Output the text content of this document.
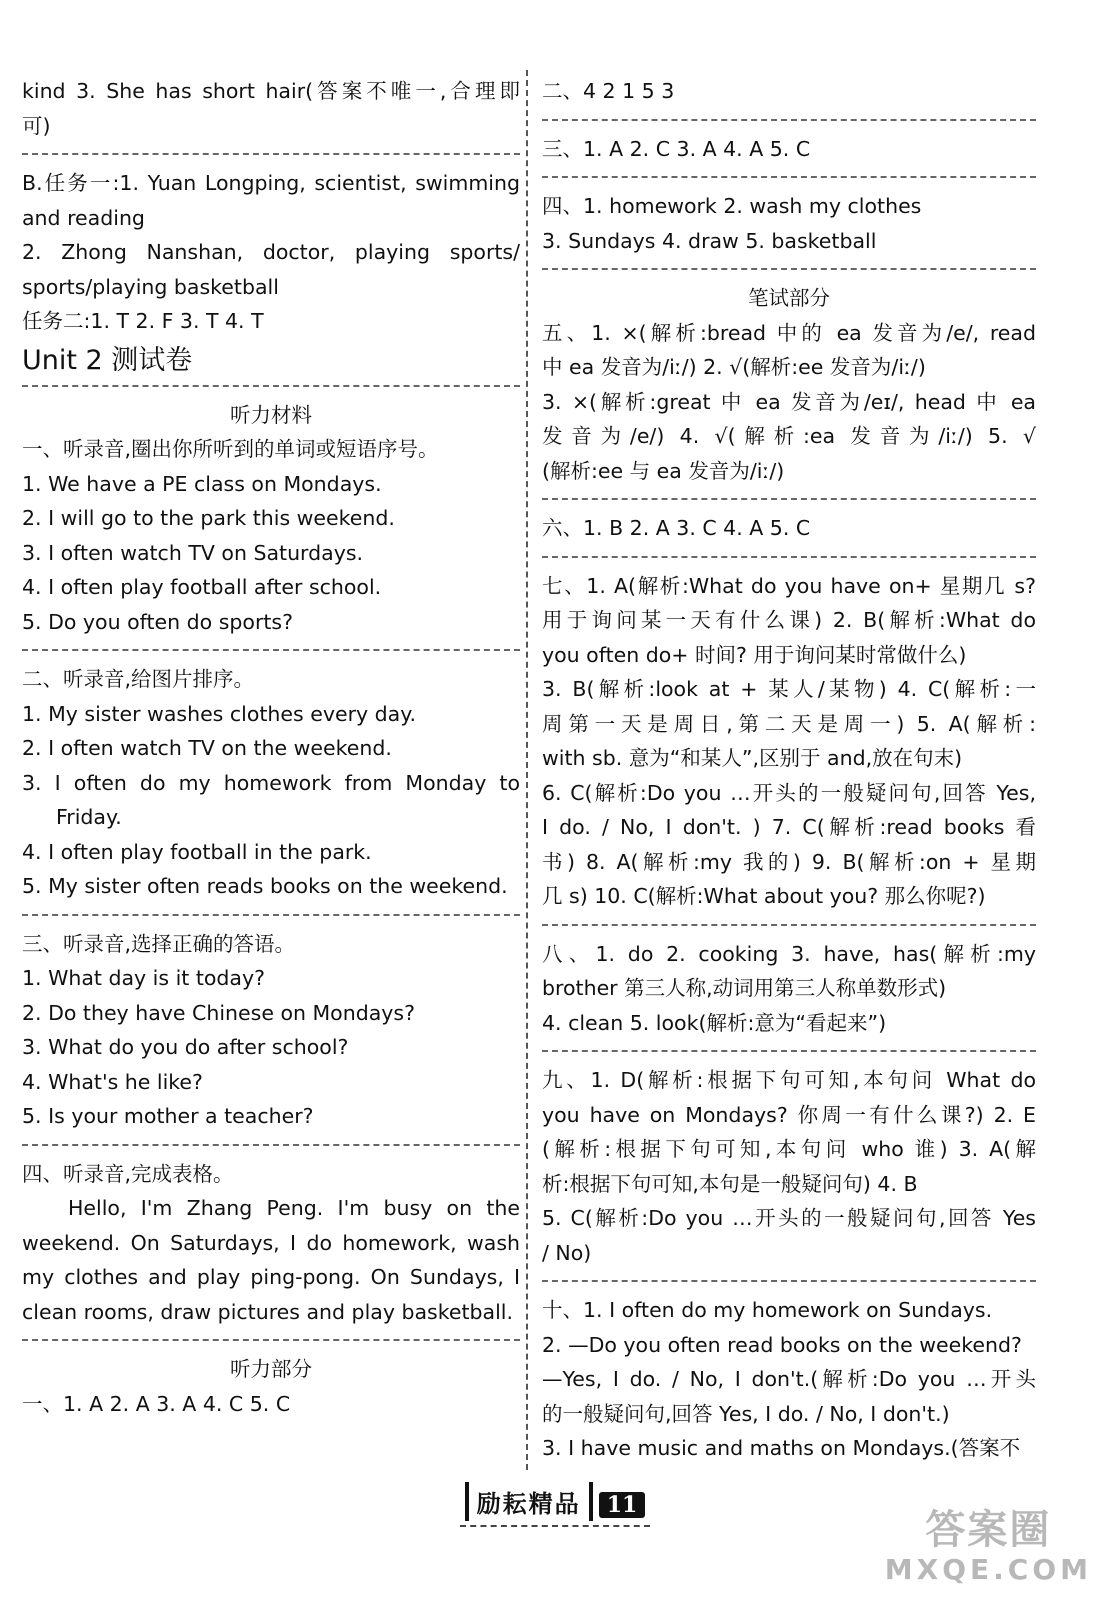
kind 3. She has short hair(答案不唯一,合理即

可)

B.任务一:1. Yuan Longping, scientist, swimming

and reading

2. Zhong Nanshan, doctor, playing sports/

sports/playing basketball

任务二:1. T 2. F 3. T 4. T

Unit 2 测试卷
听力材料

一、听录音,圈出你所听到的单词或短语序号。

1. We have a PE class on Mondays.

2. I will go to the park this weekend.

3. I often watch TV on Saturdays.

4. I often play football after school.

5. Do you often do sports?

二、听录音,给图片排序。

1. My sister washes clothes every day.

2. I often watch TV on the weekend.

3. I often do my homework from Monday to

Friday.

4. I often play football in the park.

5. My sister often reads books on the weekend.

三、听录音,选择正确的答语。

1. What day is it today?

2. Do they have Chinese on Mondays?

3. What do you do after school?

4. What's he like?

5. Is your mother a teacher?

四、听录音,完成表格。

Hello, I'm Zhang Peng. I'm busy on the

weekend. On Saturdays, I do homework, wash

my clothes and play ping-pong. On Sundays, I

clean rooms, draw pictures and play basketball.

听力部分

一、1. A 2. A 3. A 4. C 5. C

二、4 2 1 5 3

三、1. A 2. C 3. A 4. A 5. C

四、1. homework 2. wash my clothes

3. Sundays 4. draw 5. basketball

笔试部分

五、1. ×(解析:bread 中的 ea 发音为/e/, read

中 ea 发音为/iː/) 2. √(解析:ee 发音为/iː/)

3. ×(解析:great 中 ea 发音为/eɪ/, head 中 ea

发音为/e/) 4. √(解析:ea 发音为/iː/) 5. √

(解析:ee 与 ea 发音为/iː/)

六、1. B 2. A 3. C 4. A 5. C

七、1. A(解析:What do you have on+ 星期几 s?

用于询问某一天有什么课) 2. B(解析:What do

you often do+ 时间? 用于询问某时常做什么)

3. B(解析:look at + 某人/某物) 4. C(解析:一

周第一天是周日,第二天是周一) 5. A(解析:

with sb. 意为“和某人”,区别于 and,放在句末)

6. C(解析:Do you …开头的一般疑问句,回答 Yes,

I do. / No, I don't. ) 7. C(解析:read books 看

书) 8. A(解析:my 我的) 9. B(解析:on + 星期

几 s) 10. C(解析:What about you? 那么你呢?)

八、1. do 2. cooking 3. have, has(解析:my

brother 第三人称,动词用第三人称单数形式)

4. clean 5. look(解析:意为“看起来”)

九、1. D(解析:根据下句可知,本句问 What do

you have on Mondays? 你周一有什么课?) 2. E

(解析:根据下句可知,本句问 who 谁) 3. A(解

析:根据下句可知,本句是一般疑问句) 4. B

5. C(解析:Do you …开头的一般疑问句,回答 Yes

/ No)

十、1. I often do my homework on Sundays.

2. —Do you often read books on the weekend?

—Yes, I do. / No, I don't.(解析:Do you …开头

的一般疑问句,回答 Yes, I do. / No, I don't.)

3. I have music and maths on Mondays.(答案不

励耘精品 11
答案圈
MXQE.COM
